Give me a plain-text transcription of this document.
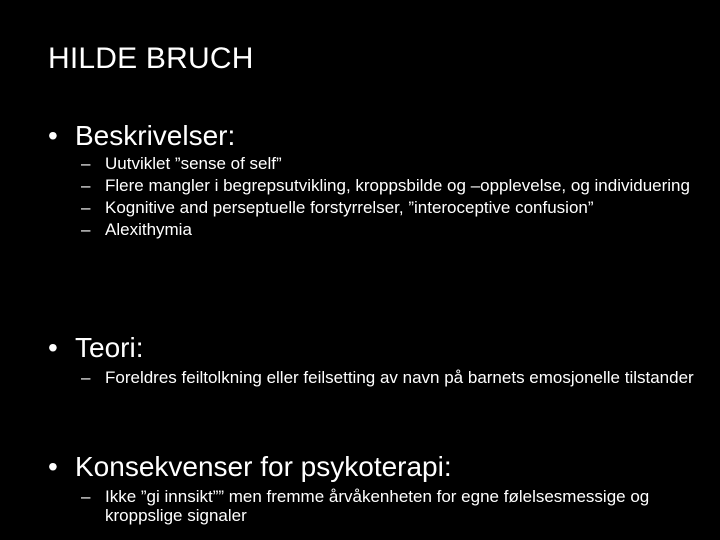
HILDE BRUCH
• Beskrivelser:
– Uutviklet ”sense of self”
– Flere mangler i begrepsutvikling, kroppsbilde og –opplevelse, og individuering
– Kognitive and perseptuelle forstyrrelser, ”interoceptive confusion”
– Alexithymia
• Teori:
– Foreldres feiltolkning eller feilsetting av navn på barnets emosjonelle tilstander
• Konsekvenser for psykoterapi:
– Ikke ”gi innsikt”” men fremme årvåkenheten for egne følelsesmessige og kroppslige signaler
